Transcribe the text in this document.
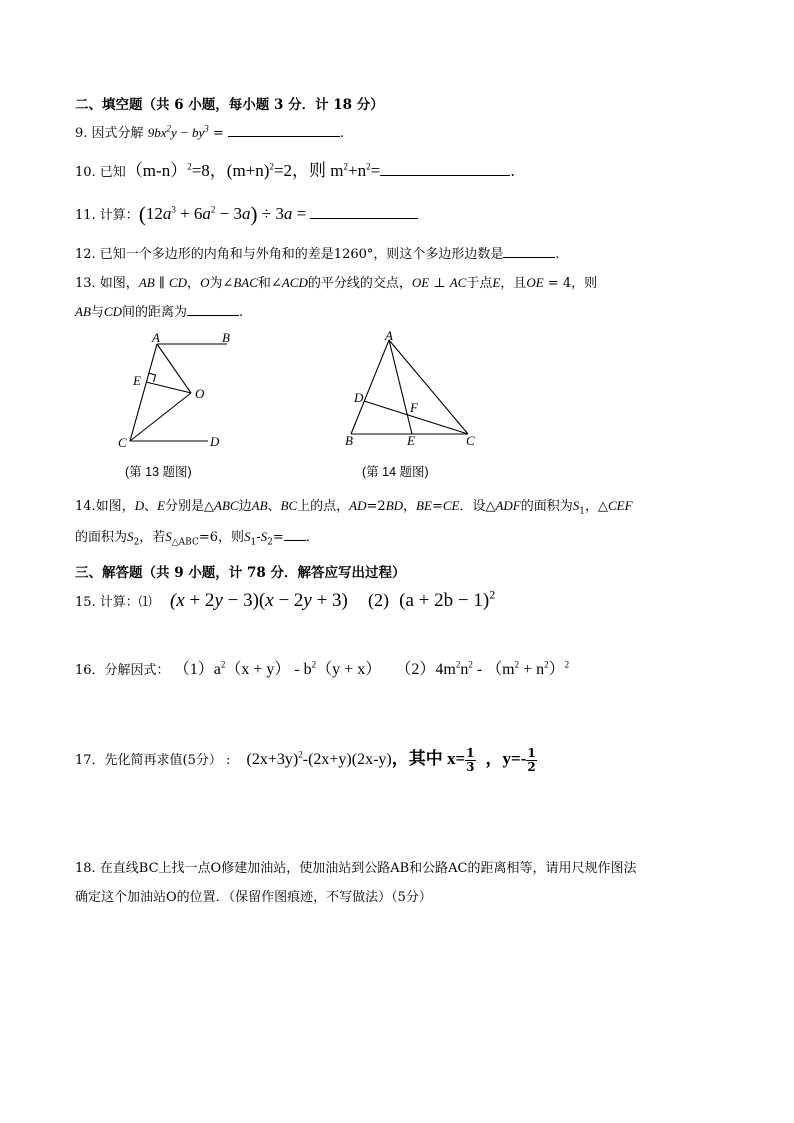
二、填空题（共 6 小题，每小题 3 分．计 18 分）
9. 因式分解 $9bx^2y - by^3$ =	.
10. 已知$(m-n)^2=8$，$(m+n)^2=2$，则 $m^2+n^2=$	.
11. 计算：$(12a^3 + 6a^2 - 3a) \div 3a$ =
12. 已知一个多边形的内角和与外角和的差是1260°，则这个多边形边数是	.
13. 如图，AB ∥ CD，O为∠BAC和∠ACD的平分线的交点，OE ⊥ AC于点E，且OE = 4，则
AB与CD间的距离为	.
A	B
E
O
C	D
(第 13 题图)
A
D
F
B	E	C
(第 14 题图)
14.如图，D、E分别是△ABC边AB、BC上的点，AD=2BD，BE=CE．设△ADF的面积为$S_1$，△CEF
的面积为$S_2$，若$S_{\triangle ABC}=6$，则$S_1-S_2=$ ．
三、解答题（共 9 小题，计 78 分．解答应写出过程）
15. 计算：⑴ (x + 2y − 3)(x − 2y + 3) (2) $(a + 2b - 1)^2$
16．分解因式： $(1)a^2(x + y) - b^2(y + x)$ $(2)4m^2n^2 - (m^2 + n^2)^2$
17．先化简再求值(5分） : $(2x+3y)^2-(2x+y)(2x-y)$，其中 $x= \frac{1}{3}$ ，$y=- \frac{1}{2}$
18. 在直线BC上找一点O修建加油站，使加油站到公路AB和公路AC的距离相等，请用尺规作图法
确定这个加油站O的位置．（保留作图痕迹，不写做法）（5分）
